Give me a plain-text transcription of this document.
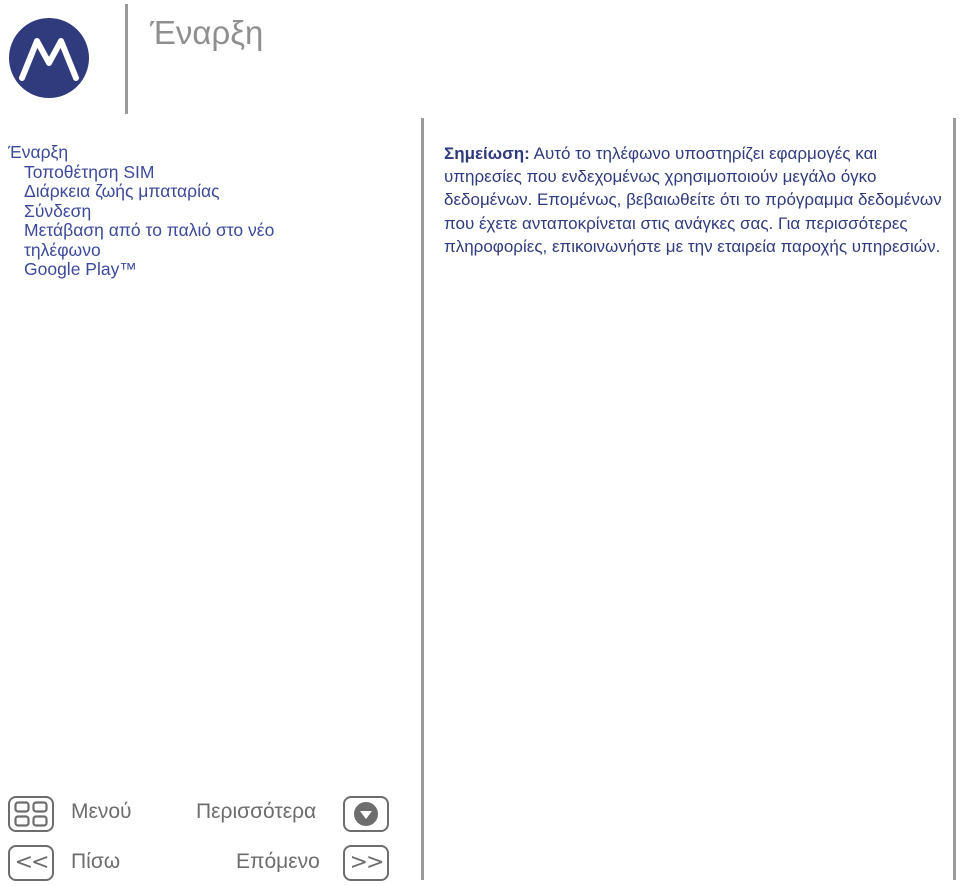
Έναρξη
Έναρξη
Τοποθέτηση SIM
Διάρκεια ζωής μπαταρίας
Σύνδεση
Μετάβαση από το παλιό στο νέο τηλέφωνο
Google Play™
Σημείωση: Αυτό το τηλέφωνο υποστηρίζει εφαρμογές και υπηρεσίες που ενδεχομένως χρησιμοποιούν μεγάλο όγκο δεδομένων. Επομένως, βεβαιωθείτε ότι το πρόγραμμα δεδομένων που έχετε ανταποκρίνεται στις ανάγκες σας. Για περισσότερες πληροφορίες, επικοινωνήστε με την εταιρεία παροχής υπηρεσιών.
Μενού	Περισσότερα
<< Πίσω	Επόμενο >>
